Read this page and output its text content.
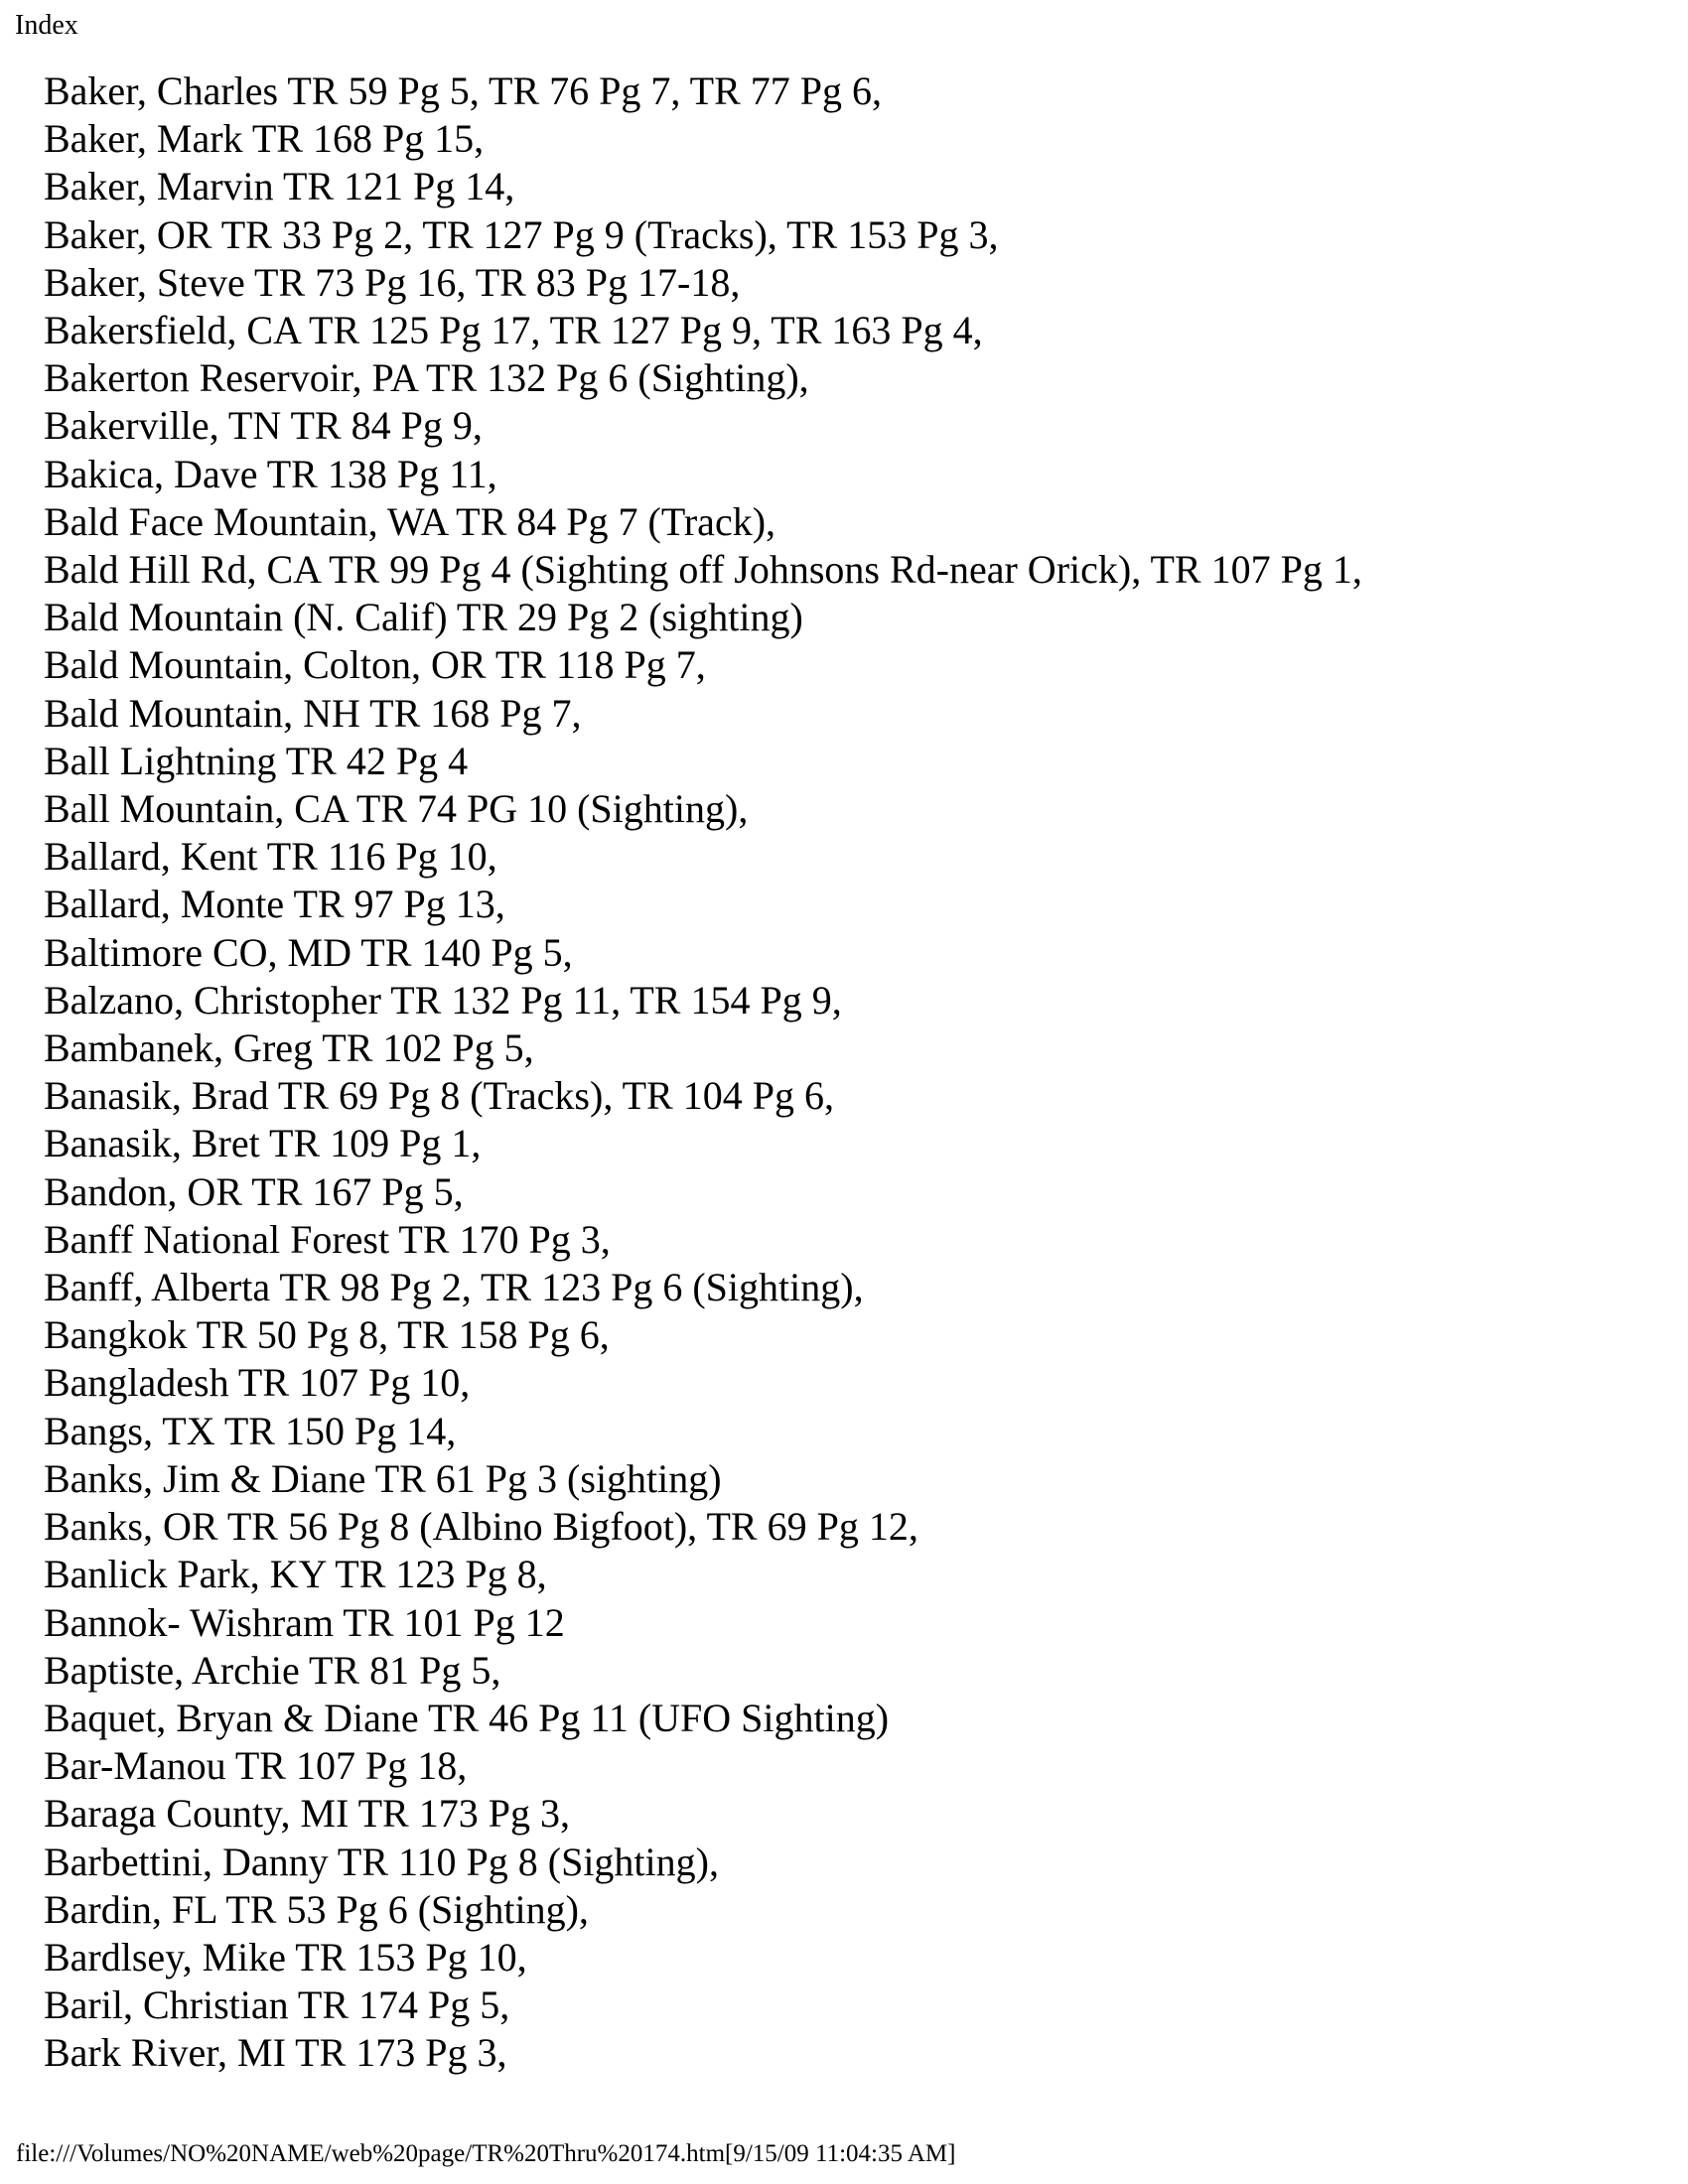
Index
Baker, Charles TR 59 Pg 5, TR 76 Pg 7, TR 77 Pg 6,
Baker, Mark TR 168 Pg 15,
Baker, Marvin TR 121 Pg 14,
Baker, OR TR 33 Pg 2, TR 127 Pg 9 (Tracks), TR 153 Pg 3,
Baker, Steve TR 73 Pg 16, TR 83 Pg 17-18,
Bakersfield, CA TR 125 Pg 17, TR 127 Pg 9, TR 163 Pg 4,
Bakerton Reservoir, PA TR 132 Pg 6 (Sighting),
Bakerville, TN TR 84 Pg 9,
Bakica, Dave TR 138 Pg 11,
Bald Face Mountain, WA TR 84 Pg 7 (Track),
Bald Hill Rd, CA TR 99 Pg 4 (Sighting off Johnsons Rd-near Orick), TR 107 Pg 1,
Bald Mountain (N. Calif) TR 29 Pg 2 (sighting)
Bald Mountain, Colton, OR TR 118 Pg 7,
Bald Mountain, NH TR 168 Pg 7,
Ball Lightning TR 42 Pg 4
Ball Mountain, CA TR 74 PG 10 (Sighting),
Ballard, Kent TR 116 Pg 10,
Ballard, Monte TR 97 Pg 13,
Baltimore CO, MD TR 140 Pg 5,
Balzano, Christopher TR 132 Pg 11, TR 154 Pg 9,
Bambanek, Greg TR 102 Pg 5,
Banasik, Brad TR 69 Pg 8 (Tracks), TR 104 Pg 6,
Banasik, Bret TR 109 Pg 1,
Bandon, OR TR 167 Pg 5,
Banff National Forest TR 170 Pg 3,
Banff, Alberta TR 98 Pg 2, TR 123 Pg 6 (Sighting),
Bangkok TR 50 Pg 8, TR 158 Pg 6,
Bangladesh TR 107 Pg 10,
Bangs, TX TR 150 Pg 14,
Banks, Jim & Diane TR 61 Pg 3 (sighting)
Banks, OR TR 56 Pg 8 (Albino Bigfoot), TR 69 Pg 12,
Banlick Park, KY TR 123 Pg 8,
Bannok- Wishram TR 101 Pg 12
Baptiste, Archie TR 81 Pg 5,
Baquet, Bryan & Diane TR 46 Pg 11 (UFO Sighting)
Bar-Manou TR 107 Pg 18,
Baraga County, MI TR 173 Pg 3,
Barbettini, Danny TR 110 Pg 8 (Sighting),
Bardin, FL TR 53 Pg 6 (Sighting),
Bardlsey, Mike TR 153 Pg 10,
Baril, Christian TR 174 Pg 5,
Bark River, MI TR 173 Pg 3,
file:///Volumes/NO%20NAME/web%20page/TR%20Thru%20174.htm[9/15/09 11:04:35 AM]
